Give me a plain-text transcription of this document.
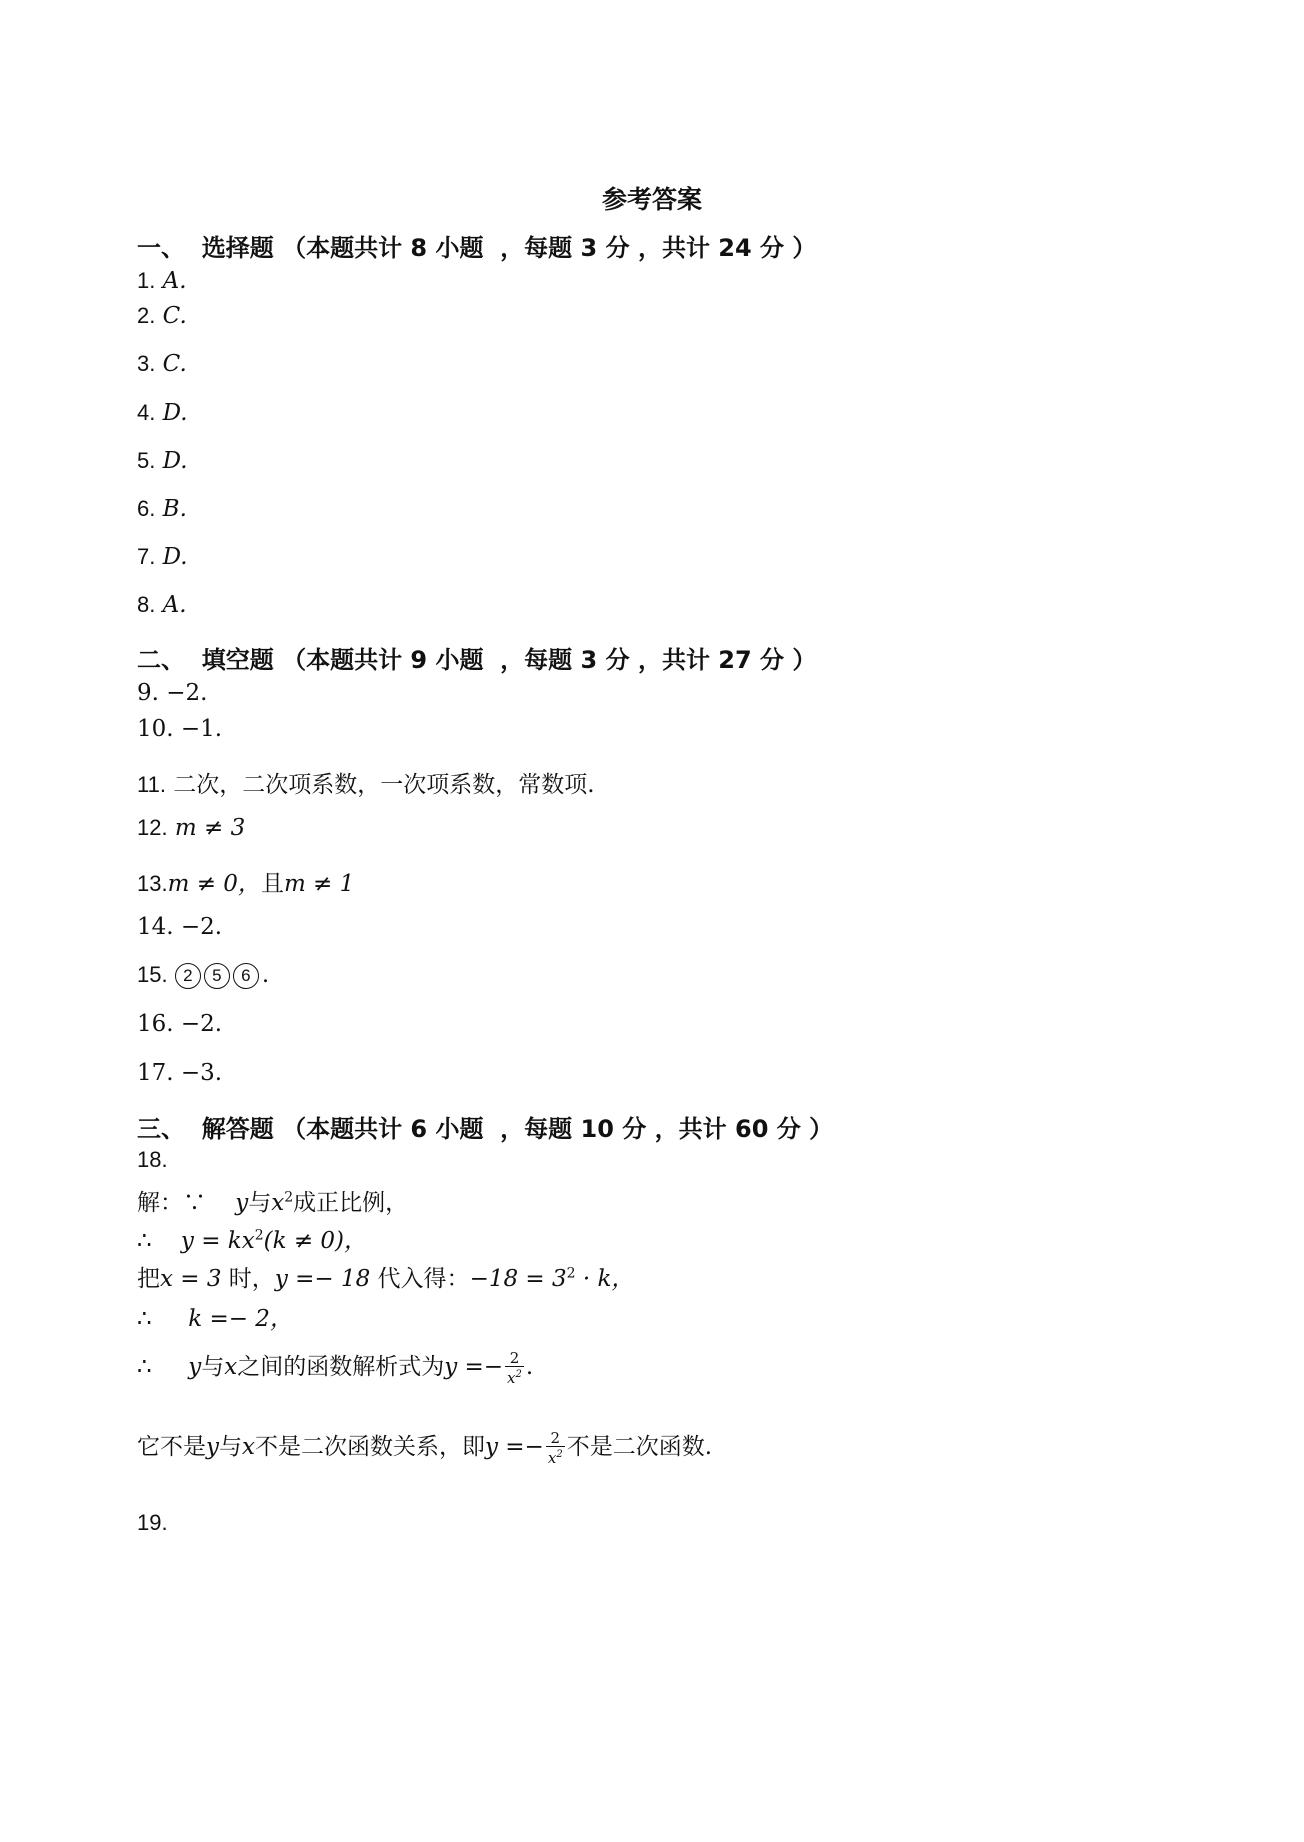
参考答案
一、  选择题 （本题共计 8 小题  ，每题 3 分 ，共计 24 分 ）
1. A.
2. C.
3. C.
4. D.
5. D.
6. B.
7. D.
8. A.
二、  填空题 （本题共计 9 小题  ，每题 3 分 ，共计 27 分 ）
9. −2.
10. −1.
11. 二次，二次项系数，一次项系数，常数项.
12. m ≠ 3
13.m ≠ 0，且m ≠ 1
14. −2.
15. 2 5 6 .
16. −2.
17. −3.
三、  解答题 （本题共计 6 小题  ，每题 10 分 ，共计 60 分 ）
18.
解：∵ y与$x^2$成正比例，
∴ $y = kx^2(k \ne 0)$，
把x = 3 时，y =− 18 代入得：$-18 = 3^2 \cdot k$，
∴ k =− 2，
∴ y与x之间的函数解析式为$y =- \frac{2}{x^2}$ .
它不是y与x不是二次函数关系，即$y =- \frac{2}{x^2}$ 不是二次函数.
19.
